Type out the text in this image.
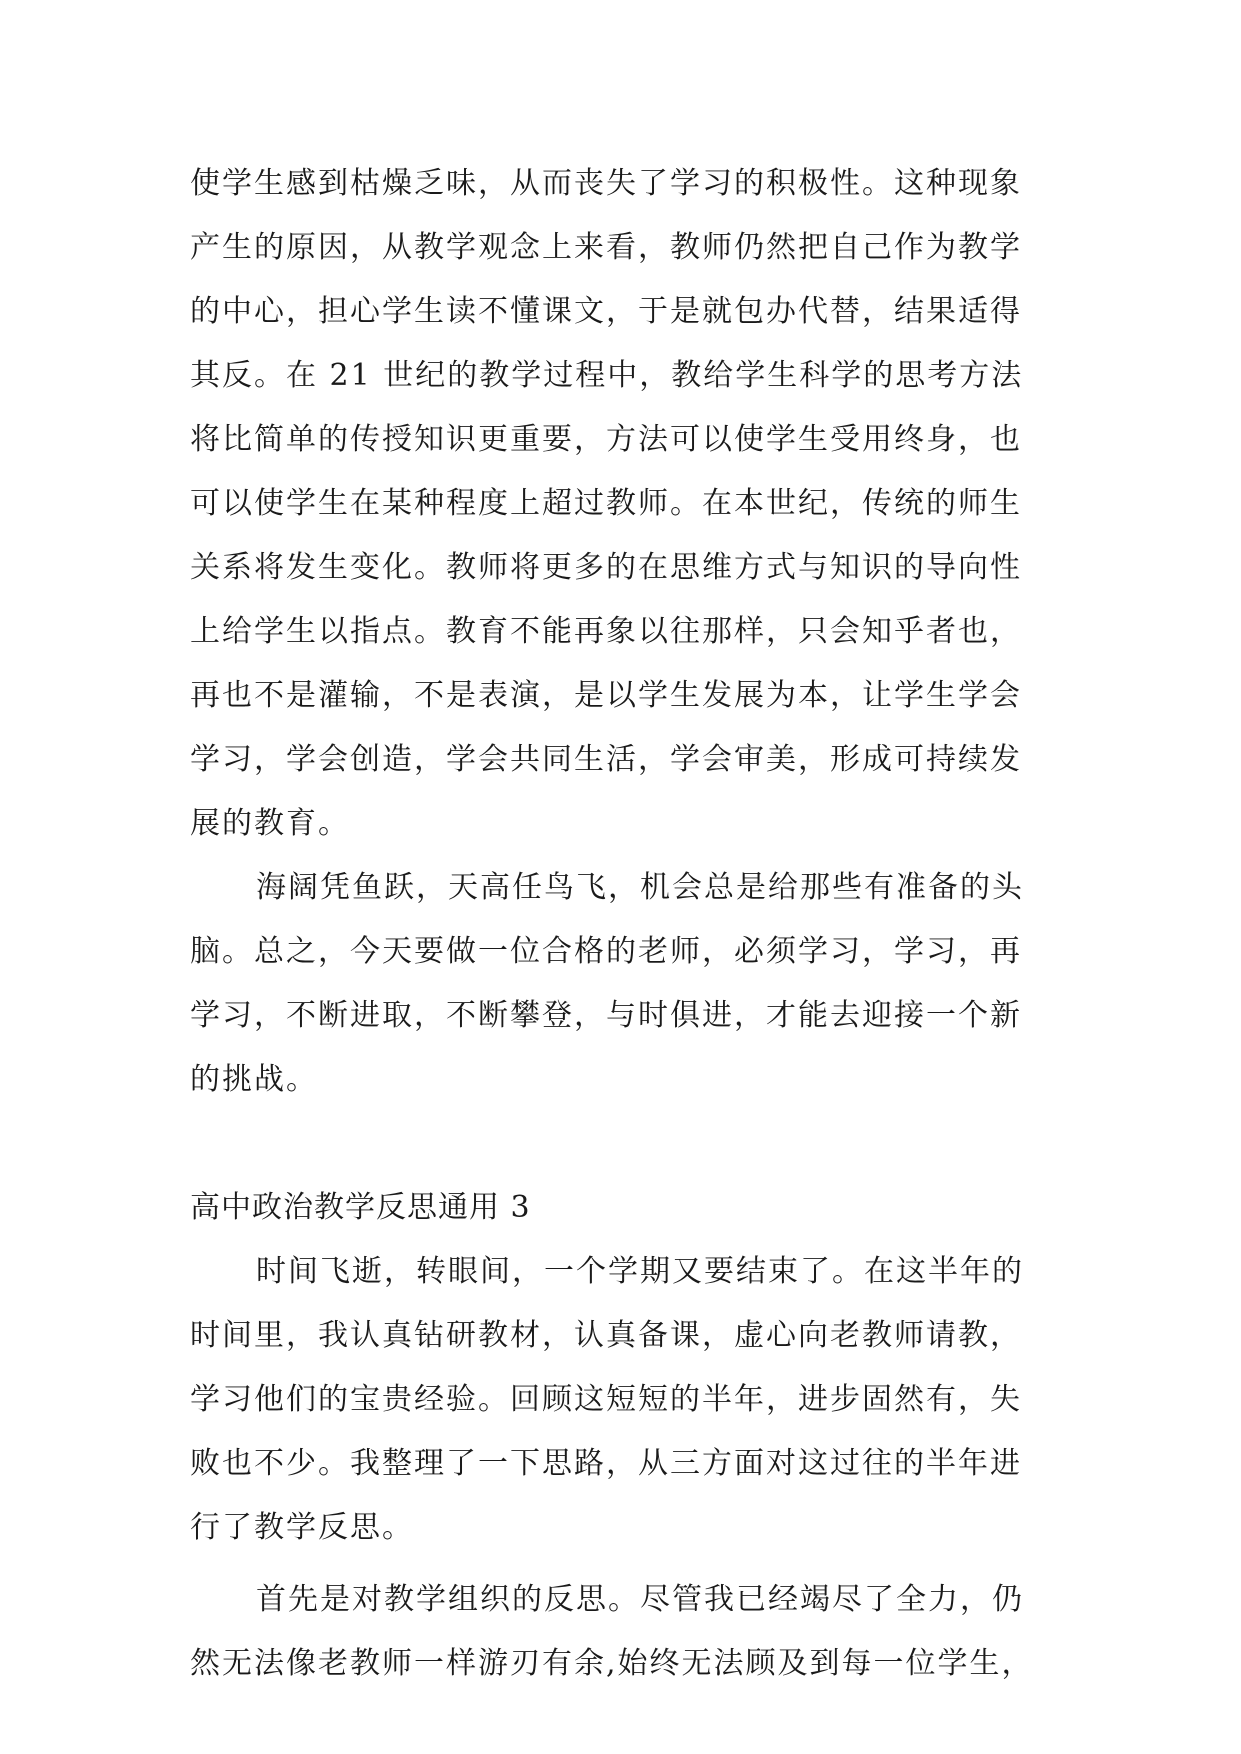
使学生感到枯燥乏味，从而丧失了学习的积极性。这种现象
产生的原因，从教学观念上来看，教师仍然把自己作为教学
的中心，担心学生读不懂课文，于是就包办代替，结果适得
其反。在 21 世纪的教学过程中，教给学生科学的思考方法
将比简单的传授知识更重要，方法可以使学生受用终身，也
可以使学生在某种程度上超过教师。在本世纪，传统的师生
关系将发生变化。教师将更多的在思维方式与知识的导向性
上给学生以指点。教育不能再象以往那样，只会知乎者也，
再也不是灌输，不是表演，是以学生发展为本，让学生学会
学习，学会创造，学会共同生活，学会审美，形成可持续发
展的教育。
海阔凭鱼跃，天高任鸟飞，机会总是给那些有准备的头
脑。总之，今天要做一位合格的老师，必须学习，学习，再
学习，不断进取，不断攀登，与时俱进，才能去迎接一个新
的挑战。
高中政治教学反思通用 3
时间飞逝，转眼间，一个学期又要结束了。在这半年的
时间里，我认真钻研教材，认真备课，虚心向老教师请教，
学习他们的宝贵经验。回顾这短短的半年，进步固然有，失
败也不少。我整理了一下思路，从三方面对这过往的半年进
行了教学反思。
首先是对教学组织的反思。尽管我已经竭尽了全力，仍
然无法像老教师一样游刃有余,始终无法顾及到每一位学生，
